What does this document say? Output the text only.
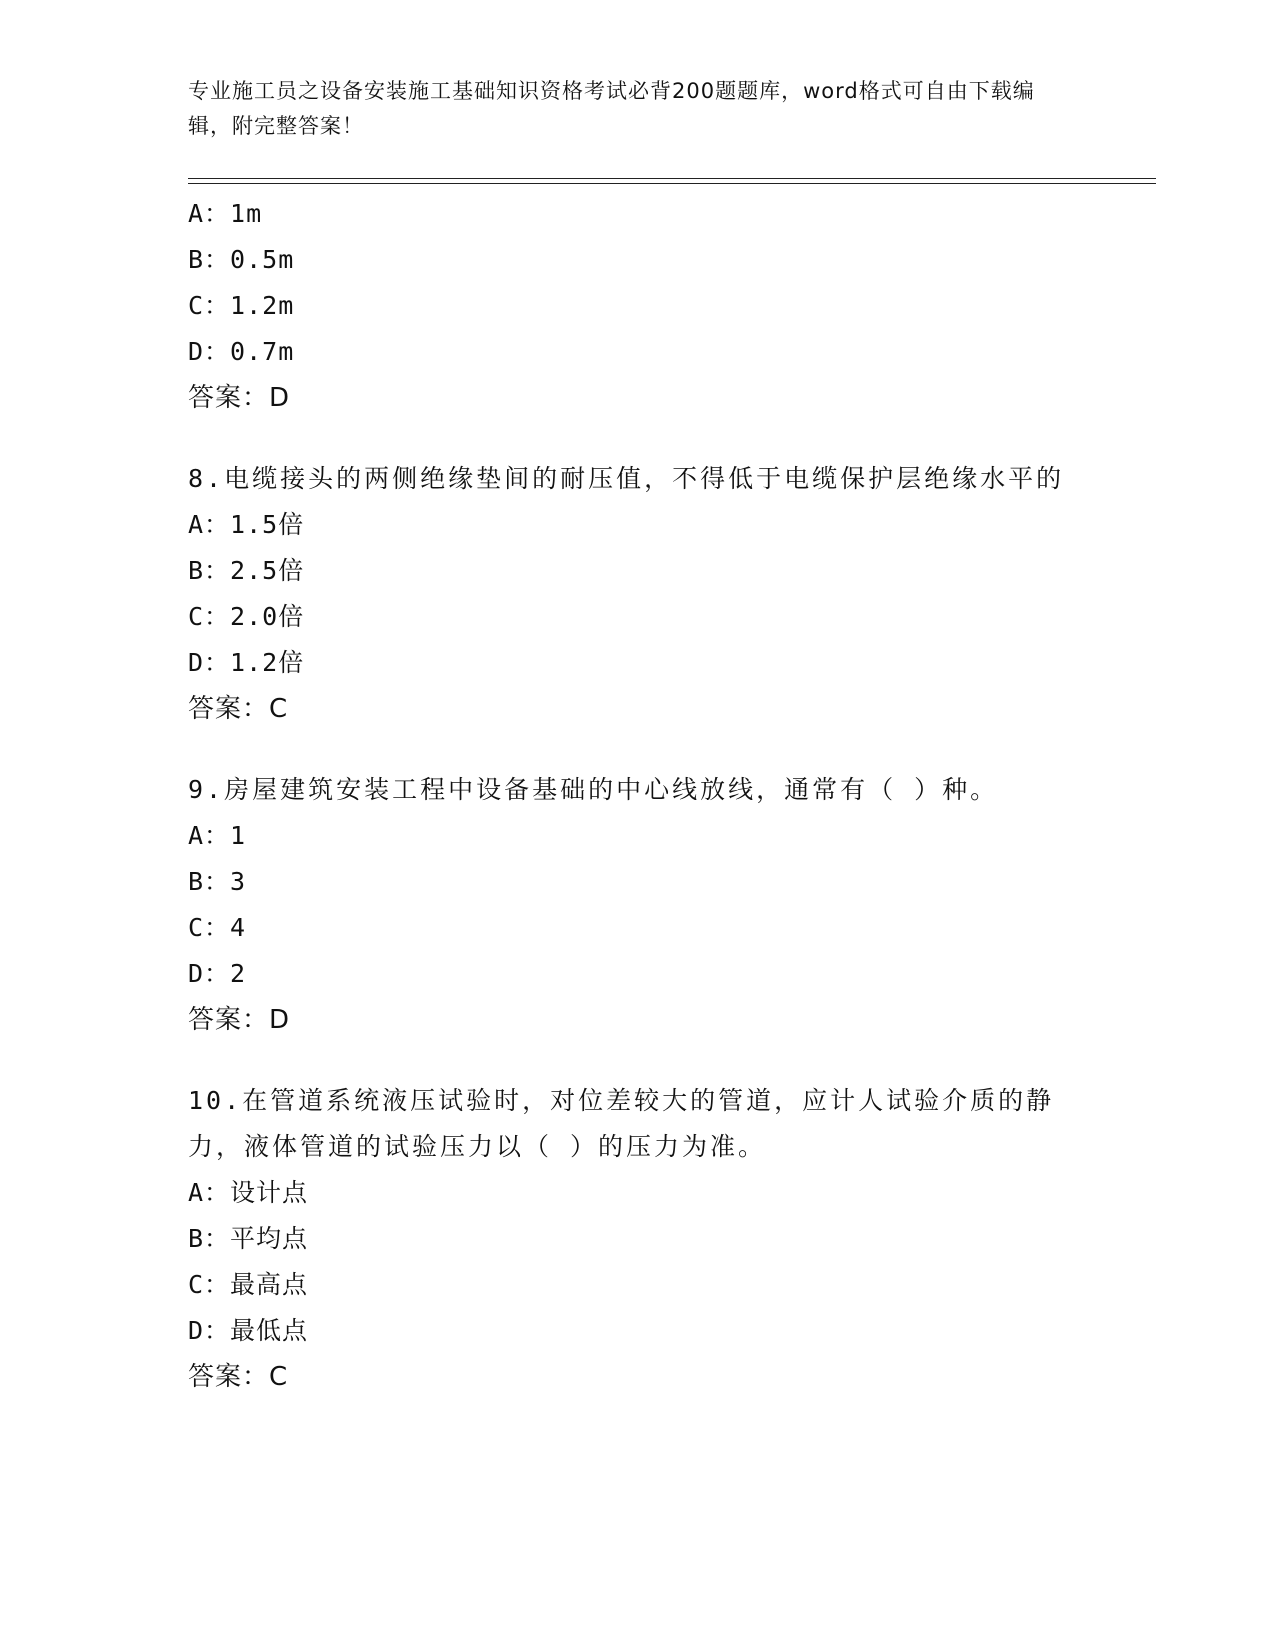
专业施工员之设备安装施工基础知识资格考试必背200题题库，word格式可自由下载编辑，附完整答案！
A：1m
B：0.5m
C：1.2m
D：0.7m
答案：D
8.电缆接头的两侧绝缘垫间的耐压值，不得低于电缆保护层绝缘水平的
A：1.5倍
B：2.5倍
C：2.0倍
D：1.2倍
答案：C
9.房屋建筑安装工程中设备基础的中心线放线，通常有（ ）种。
A：1
B：3
C：4
D：2
答案：D
10.在管道系统液压试验时，对位差较大的管道，应计人试验介质的静力，液体管道的试验压力以（ ）的压力为准。
A：设计点
B：平均点
C：最高点
D：最低点
答案：C
